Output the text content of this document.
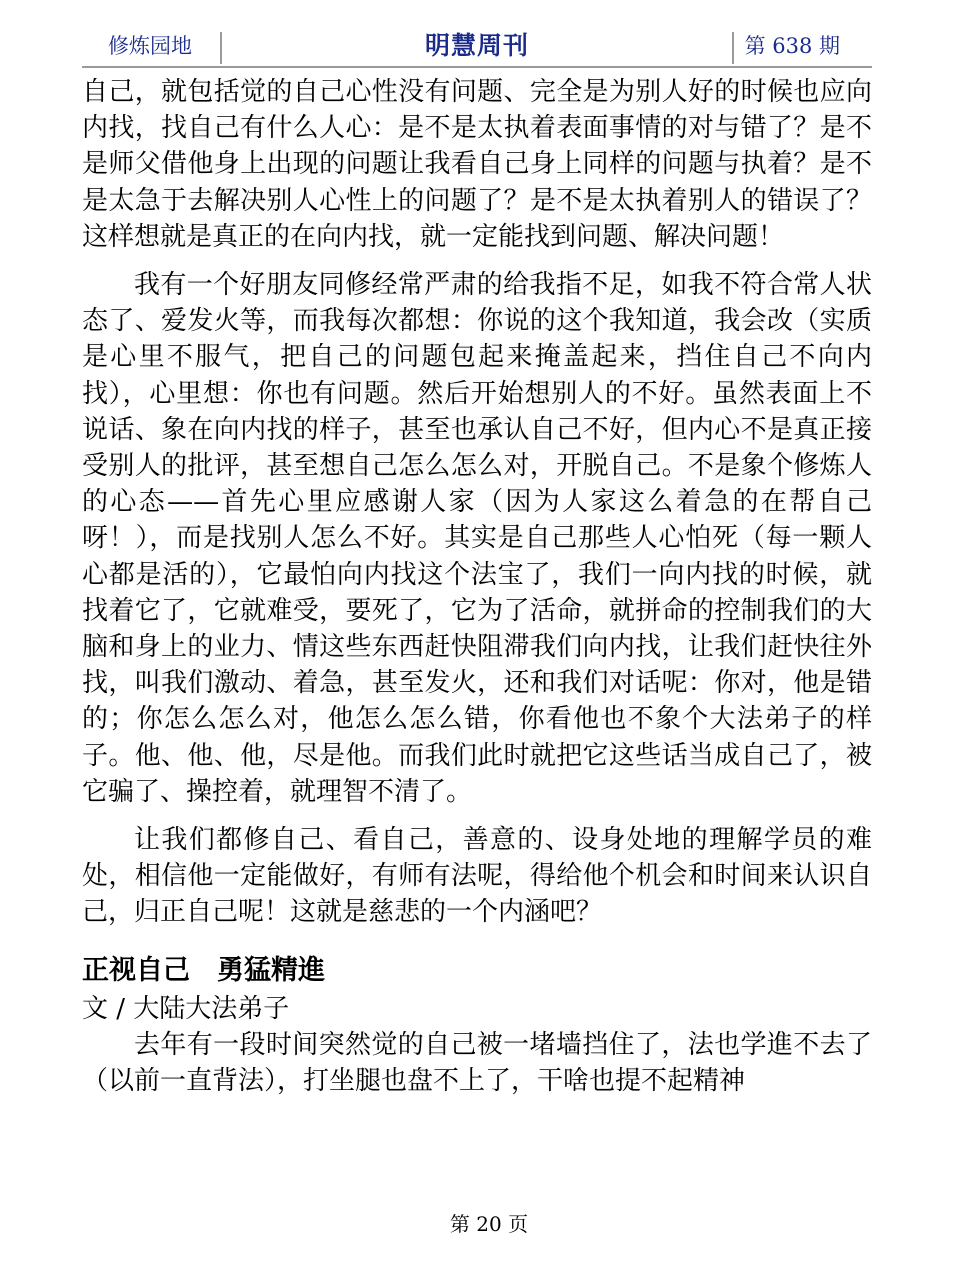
修炼园地	明慧周刊	第 638 期

自己，就包括觉的自己心性没有问题、完全是为别人好的时候也应向内找，找自己有什么人心：是不是太执着表面事情的对与错了？是不是师父借他身上出现的问题让我看自己身上同样的问题与执着？是不是太急于去解决别人心性上的问题了？是不是太执着别人的错误了？这样想就是真正的在向内找，就一定能找到问题、解决问题！

我有一个好朋友同修经常严肃的给我指不足，如我不符合常人状态了、爱发火等，而我每次都想：你说的这个我知道，我会改（实质是心里不服气，把自己的问题包起来掩盖起来，挡住自己不向内找），心里想：你也有问题。然后开始想别人的不好。虽然表面上不说话、象在向内找的样子，甚至也承认自己不好，但内心不是真正接受别人的批评，甚至想自己怎么怎么对，开脱自己。不是象个修炼人的心态——首先心里应感谢人家（因为人家这么着急的在帮自己呀！），而是找别人怎么不好。其实是自己那些人心怕死（每一颗人心都是活的），它最怕向内找这个法宝了，我们一向内找的时候，就找着它了，它就难受，要死了，它为了活命，就拼命的控制我们的大脑和身上的业力、情这些东西赶快阻滞我们向内找，让我们赶快往外找，叫我们激动、着急，甚至发火，还和我们对话呢：你对，他是错的；你怎么怎么对，他怎么怎么错，你看他也不象个大法弟子的样子。他、他、他，尽是他。而我们此时就把它这些话当成自己了，被它骗了、操控着，就理智不清了。

让我们都修自己、看自己，善意的、设身处地的理解学员的难处，相信他一定能做好，有师有法呢，得给他个机会和时间来认识自己，归正自己呢！这就是慈悲的一个内涵吧？

正视自己　勇猛精進

文 / 大陆大法弟子

去年有一段时间突然觉的自己被一堵墙挡住了，法也学進不去了（以前一直背法），打坐腿也盘不上了，干啥也提不起精神

第 20 页
